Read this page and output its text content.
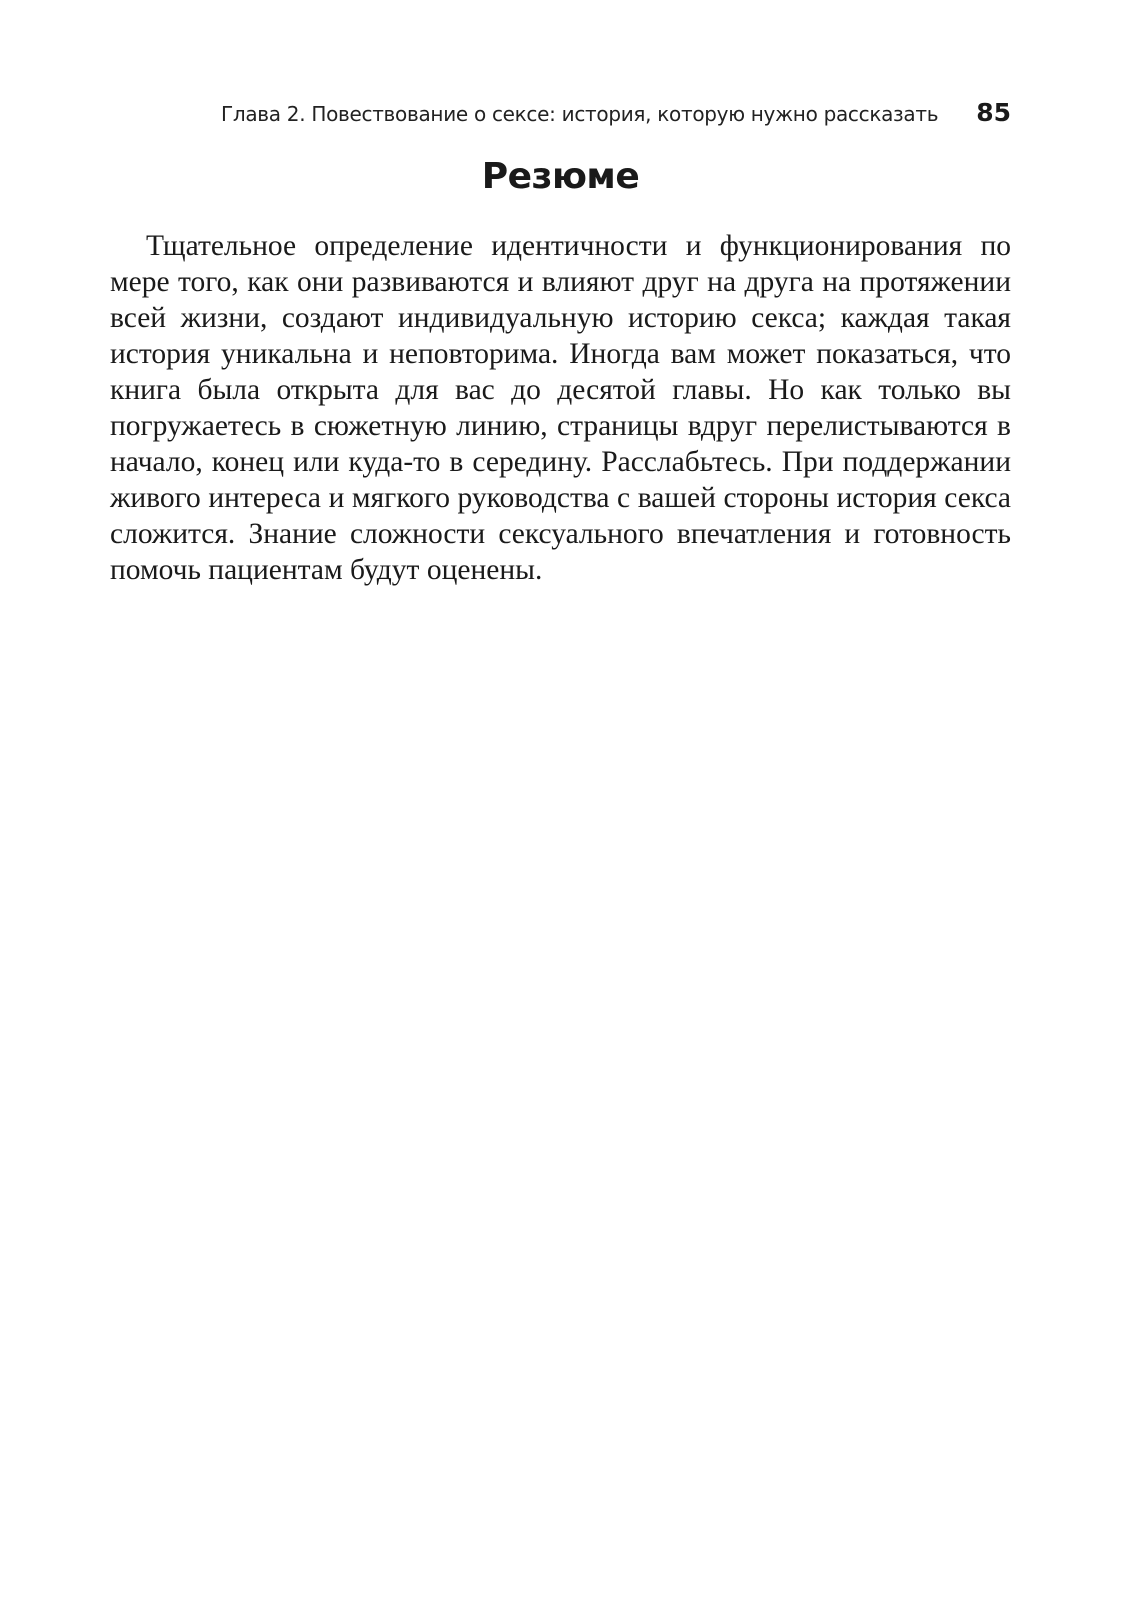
Глава 2. Повествование о сексе: история, которую нужно рассказать 85
Резюме

Тщательное определение идентичности и функционирования по мере того, как они развиваются и влияют друг на друга на протяжении всей жизни, создают индивидуальную историю секса; каждая такая история уникальна и неповторима. Иногда вам может показаться, что книга была открыта для вас до десятой главы. Но как только вы погружаетесь в сюжетную линию, страницы вдруг перелистываются в начало, конец или куда-то в середину. Расслабьтесь. При поддержании живого интереса и мягкого руководства с вашей стороны история секса сложится. Знание сложности сексуального впечатления и готовность помочь пациентам будут оценены.
